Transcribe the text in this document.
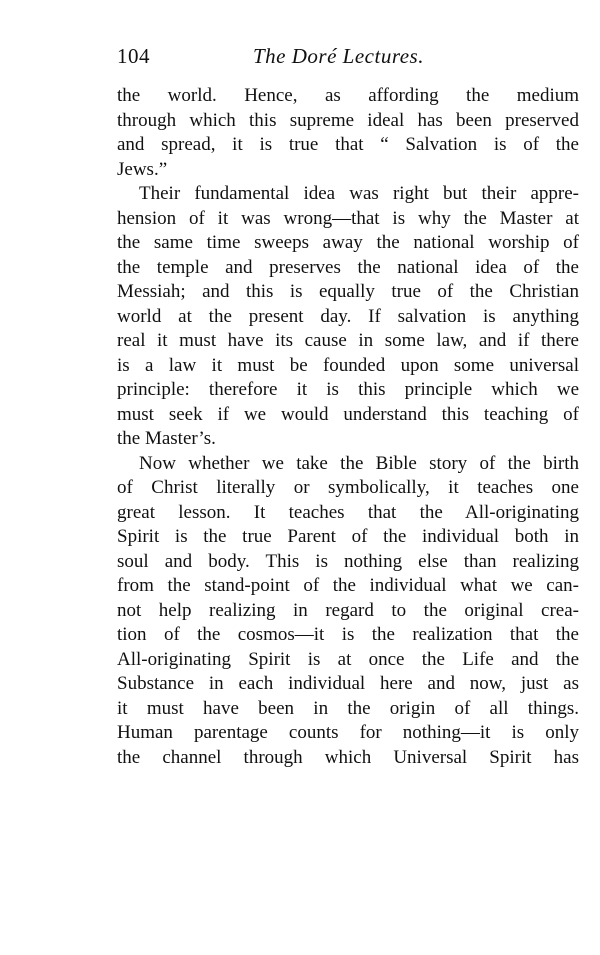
104	The Doré Lectures.
the world. Hence, as affording the medium
through which this supreme ideal has been preserved
and spread, it is true that “ Salvation is of the
Jews.”
Their fundamental idea was right but their appre-
hension of it was wrong—that is why the Master at
the same time sweeps away the national worship of
the temple and preserves the national idea of the
Messiah; and this is equally true of the Christian
world at the present day. If salvation is anything
real it must have its cause in some law, and if there
is a law it must be founded upon some universal
principle: therefore it is this principle which we
must seek if we would understand this teaching of
the Master’s.
Now whether we take the Bible story of the birth
of Christ literally or symbolically, it teaches one
great lesson. It teaches that the All-originating
Spirit is the true Parent of the individual both in
soul and body. This is nothing else than realizing
from the stand-point of the individual what we can-
not help realizing in regard to the original crea-
tion of the cosmos—it is the realization that the
All-originating Spirit is at once the Life and the
Substance in each individual here and now, just as
it must have been in the origin of all things.
Human parentage counts for nothing—it is only
the channel through which Universal Spirit has
